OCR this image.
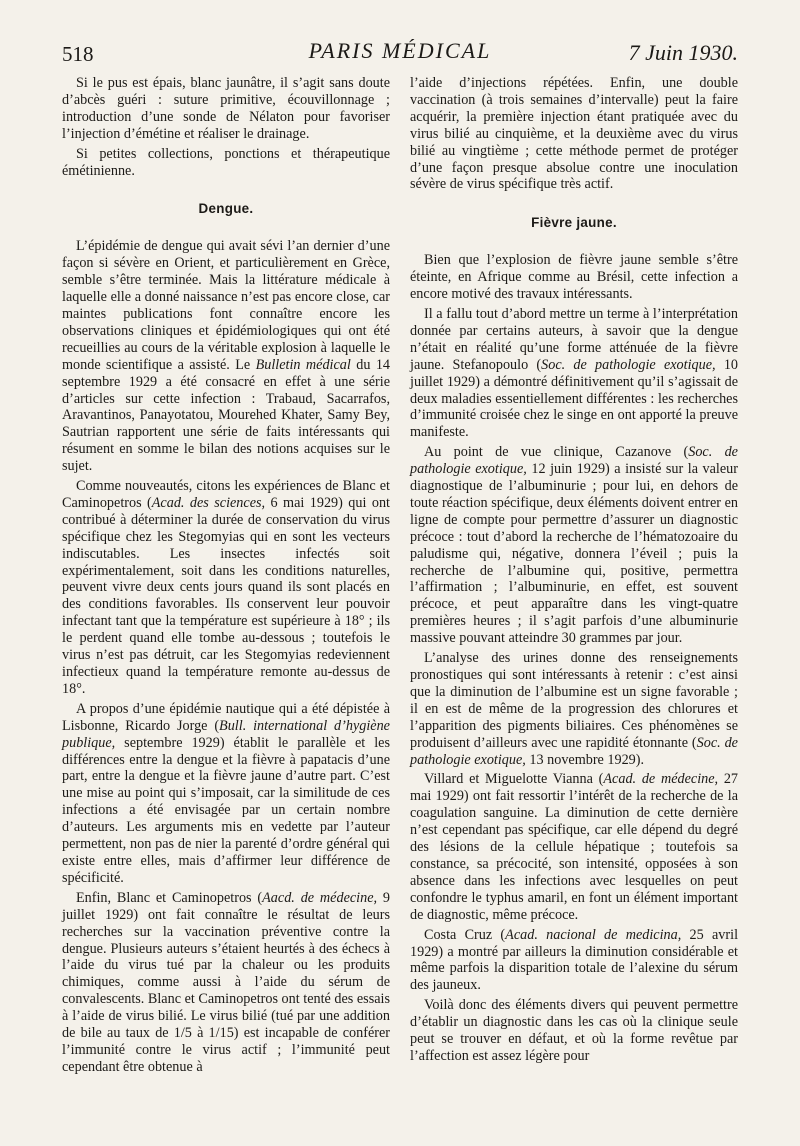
518	PARIS MÉDICAL	7 Juin 1930.

Si le pus est épais, blanc jaunâtre, il s’agit sans doute d’abcès guéri : suture primitive, écouvillonnage ; introduction d’une sonde de Nélaton pour favoriser l’injection d’émétine et réaliser le drainage.

Si petites collections, ponctions et thérapeutique émétinienne.

Dengue.

L’épidémie de dengue qui avait sévi l’an dernier d’une façon si sévère en Orient, et particulièrement en Grèce, semble s’être terminée. Mais la littérature médicale à laquelle elle a donné naissance n’est pas encore close, car maintes publications font connaître encore les observations cliniques et épidémiologiques qui ont été recueillies au cours de la véritable explosion à laquelle le monde scientifique a assisté. Le Bulletin médical du 14 septembre 1929 a été consacré en effet à une série d’articles sur cette infection : Trabaud, Sacarrafos, Aravantinos, Panayotatou, Mourehed Khater, Samy Bey, Sautrian rapportent une série de faits intéressants qui résument en somme le bilan des notions acquises sur le sujet.

Comme nouveautés, citons les expériences de Blanc et Caminopetros (Acad. des sciences, 6 mai 1929) qui ont contribué à déterminer la durée de conservation du virus spécifique chez les Stegomyias qui en sont les vecteurs indiscutables. Les insectes infectés soit expérimentalement, soit dans les conditions naturelles, peuvent vivre deux cents jours quand ils sont placés en des conditions favorables. Ils conservent leur pouvoir infectant tant que la température est supérieure à 18° ; ils le perdent quand elle tombe au-dessous ; toutefois le virus n’est pas détruit, car les Stegomyias redeviennent infectieux quand la température remonte au-dessus de 18°.

A propos d’une épidémie nautique qui a été dépistée à Lisbonne, Ricardo Jorge (Bull. international d’hygiène publique, septembre 1929) établit le parallèle et les différences entre la dengue et la fièvre à papatacis d’une part, entre la dengue et la fièvre jaune d’autre part. C’est une mise au point qui s’imposait, car la similitude de ces infections a été envisagée par un certain nombre d’auteurs. Les arguments mis en vedette par l’auteur permettent, non pas de nier la parenté d’ordre général qui existe entre elles, mais d’affirmer leur différence de spécificité.

Enfin, Blanc et Caminopetros (Aacd. de médecine, 9 juillet 1929) ont fait connaître le résultat de leurs recherches sur la vaccination préventive contre la dengue. Plusieurs auteurs s’étaient heurtés à des échecs à l’aide du virus tué par la chaleur ou les produits chimiques, comme aussi à l’aide du sérum de convalescents. Blanc et Caminopetros ont tenté des essais à l’aide de virus bilié. Le virus bilié (tué par une addition de bile au taux de 1/5 à 1/15) est incapable de conférer l’immunité contre le virus actif ; l’immunité peut cependant être obtenue à

l’aide d’injections répétées. Enfin, une double vaccination (à trois semaines d’intervalle) peut la faire acquérir, la première injection étant pratiquée avec du virus bilié au cinquième, et la deuxième avec du virus bilié au vingtième ; cette méthode permet de protéger d’une façon presque absolue contre une inoculation sévère de virus spécifique très actif.

Fièvre jaune.

Bien que l’explosion de fièvre jaune semble s’être éteinte, en Afrique comme au Brésil, cette infection a encore motivé des travaux intéressants.

Il a fallu tout d’abord mettre un terme à l’interprétation donnée par certains auteurs, à savoir que la dengue n’était en réalité qu’une forme atténuée de la fièvre jaune. Stefanopoulo (Soc. de pathologie exotique, 10 juillet 1929) a démontré définitivement qu’il s’agissait de deux maladies essentiellement différentes : les recherches d’immunité croisée chez le singe en ont apporté la preuve manifeste.

Au point de vue clinique, Cazanove (Soc. de pathologie exotique, 12 juin 1929) a insisté sur la valeur diagnostique de l’albuminurie ; pour lui, en dehors de toute réaction spécifique, deux éléments doivent entrer en ligne de compte pour permettre d’assurer un diagnostic précoce : tout d’abord la recherche de l’hématozoaire du paludisme qui, négative, donnera l’éveil ; puis la recherche de l’albumine qui, positive, permettra l’affirmation ; l’albuminurie, en effet, est souvent précoce, et peut apparaître dans les vingt-quatre premières heures ; il s’agit parfois d’une albuminurie massive pouvant atteindre 30 grammes par jour.

L’analyse des urines donne des renseignements pronostiques qui sont intéressants à retenir : c’est ainsi que la diminution de l’albumine est un signe favorable ; il en est de même de la progression des chlorures et l’apparition des pigments biliaires. Ces phénomènes se produisent d’ailleurs avec une rapidité étonnante (Soc. de pathologie exotique, 13 novembre 1929).

Villard et Miguelotte Vianna (Acad. de médecine, 27 mai 1929) ont fait ressortir l’intérêt de la recherche de la coagulation sanguine. La diminution de cette dernière n’est cependant pas spécifique, car elle dépend du degré des lésions de la cellule hépatique ; toutefois sa constance, sa précocité, son intensité, opposées à son absence dans les infections avec lesquelles on peut confondre le typhus amaril, en font un élément important de diagnostic, même précoce.

Costa Cruz (Acad. nacional de medicina, 25 avril 1929) a montré par ailleurs la diminution considérable et même parfois la disparition totale de l’alexine du sérum des jauneux.

Voilà donc des éléments divers qui peuvent permettre d’établir un diagnostic dans les cas où la clinique seule peut se trouver en défaut, et où la forme revêtue par l’affection est assez légère pour
